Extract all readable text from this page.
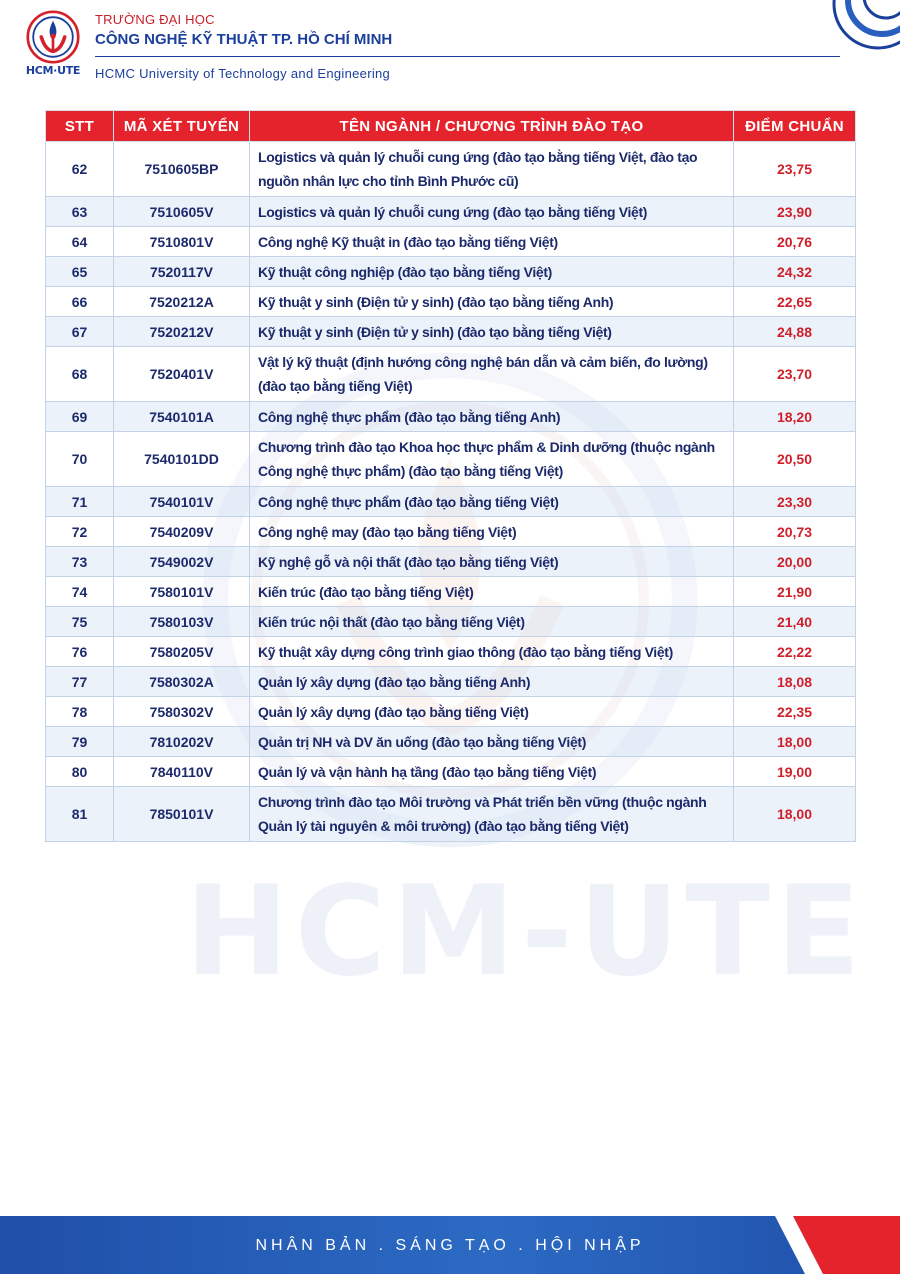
HCM-UTE
HCM·UTE
TRƯỜNG ĐẠI HỌC
CÔNG NGHỆ KỸ THUẬT TP. HỒ CHÍ MINH
HCMC University of Technology and Engineering
STT	MÃ XÉT TUYỂN	TÊN NGÀNH / CHƯƠNG TRÌNH ĐÀO TẠO	ĐIỂM CHUẨN
62	7510605BP	Logistics và quản lý chuỗi cung ứng (đào tạo bằng tiếng Việt, đào tạo nguồn nhân lực cho tỉnh Bình Phước cũ)	23,75
63	7510605V	Logistics và quản lý chuỗi cung ứng (đào tạo bằng tiếng Việt)	23,90
64	7510801V	Công nghệ Kỹ thuật in (đào tạo bằng tiếng Việt)	20,76
65	7520117V	Kỹ thuật công nghiệp (đào tạo bằng tiếng Việt)	24,32
66	7520212A	Kỹ thuật y sinh (Điện tử y sinh) (đào tạo bằng tiếng Anh)	22,65
67	7520212V	Kỹ thuật y sinh (Điện tử y sinh) (đào tạo bằng tiếng Việt)	24,88
68	7520401V	Vật lý kỹ thuật (định hướng công nghệ bán dẫn và cảm biến, đo lường) (đào tạo bằng tiếng Việt)	23,70
69	7540101A	Công nghệ thực phẩm (đào tạo bằng tiếng Anh)	18,20
70	7540101DD	Chương trình đào tạo Khoa học thực phẩm & Dinh dưỡng (thuộc ngành Công nghệ thực phẩm) (đào tạo bằng tiếng Việt)	20,50
71	7540101V	Công nghệ thực phẩm (đào tạo bằng tiếng Việt)	23,30
72	7540209V	Công nghệ may (đào tạo bằng tiếng Việt)	20,73
73	7549002V	Kỹ nghệ gỗ và nội thất (đào tạo bằng tiếng Việt)	20,00
74	7580101V	Kiến trúc (đào tạo bằng tiếng Việt)	21,90
75	7580103V	Kiến trúc nội thất (đào tạo bằng tiếng Việt)	21,40
76	7580205V	Kỹ thuật xây dựng công trình giao thông (đào tạo bằng tiếng Việt)	22,22
77	7580302A	Quản lý xây dựng (đào tạo bằng tiếng Anh)	18,08
78	7580302V	Quản lý xây dựng (đào tạo bằng tiếng Việt)	22,35
79	7810202V	Quản trị NH và DV ăn uống (đào tạo bằng tiếng Việt)	18,00
80	7840110V	Quản lý và vận hành hạ tầng (đào tạo bằng tiếng Việt)	19,00
81	7850101V	Chương trình đào tạo Môi trường và Phát triển bền vững (thuộc ngành Quản lý tài nguyên & môi trường) (đào tạo bằng tiếng Việt)	18,00
NHÂN BẢN . SÁNG TẠO . HỘI NHẬP
